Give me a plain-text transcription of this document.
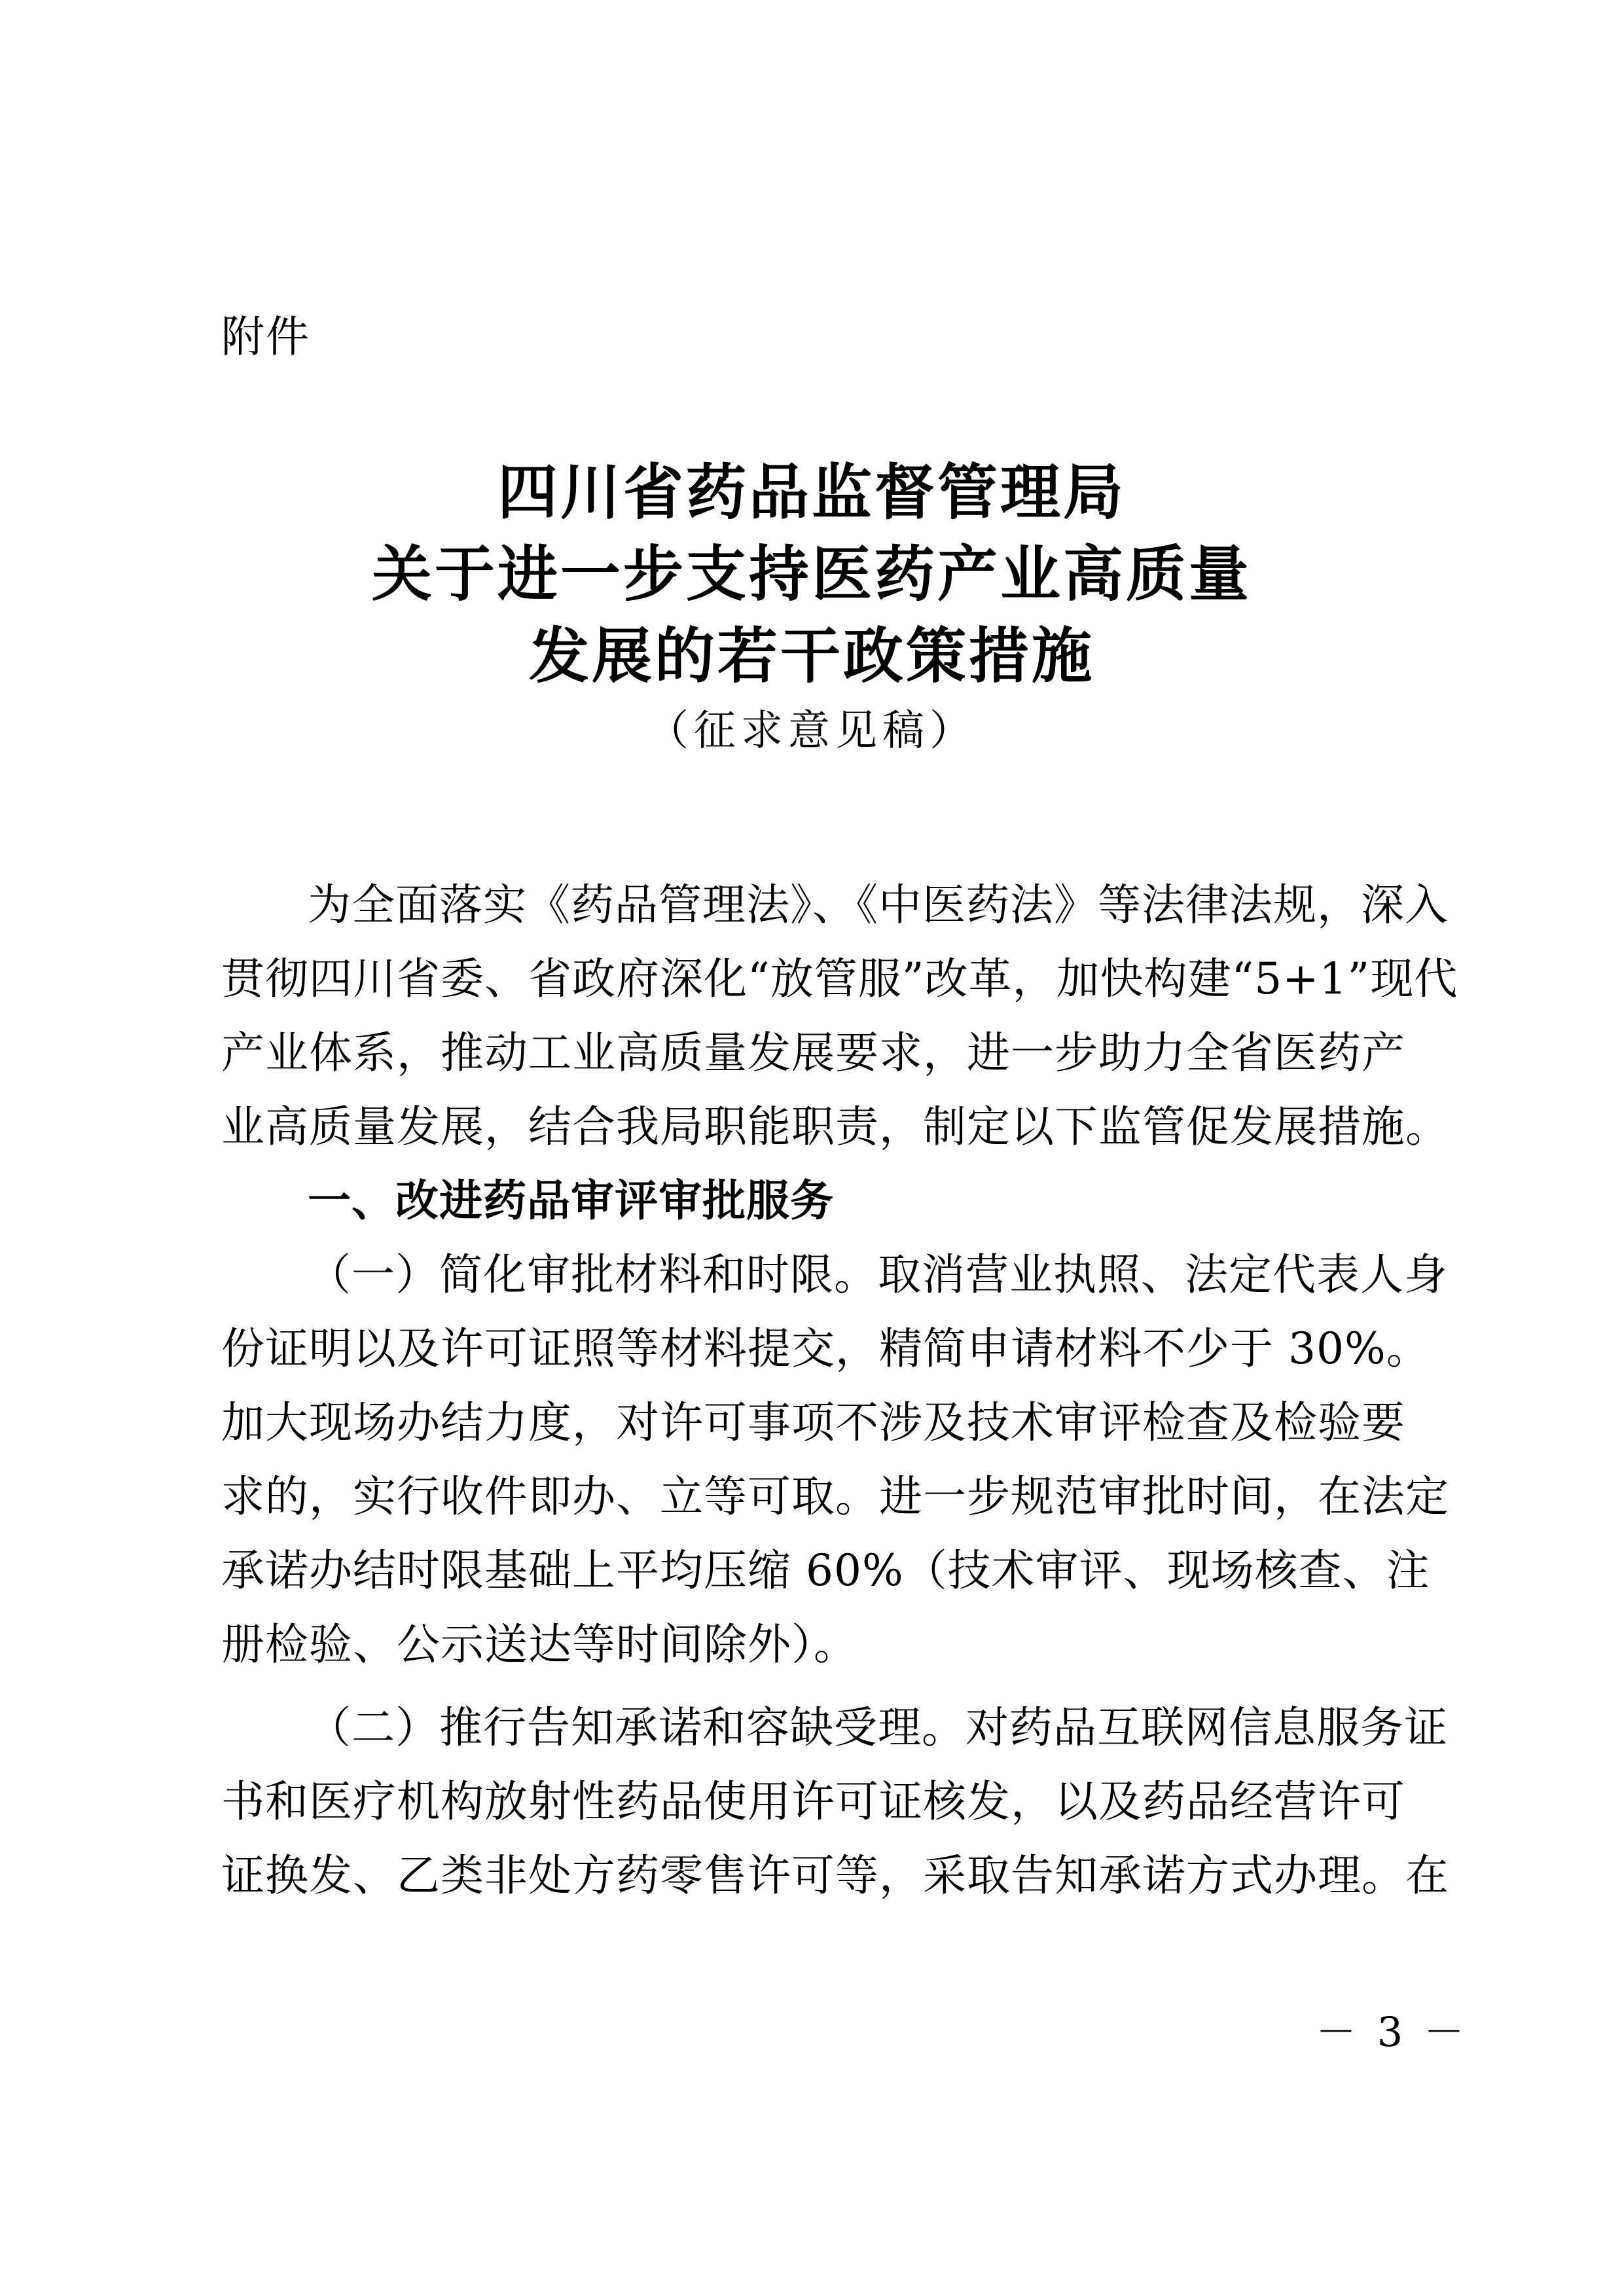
附件
四川省药品监督管理局
关于进一步支持医药产业高质量
发展的若干政策措施
（征求意见稿）
为全面落实《药品管理法》、《中医药法》等法律法规，深入
贯彻四川省委、省政府深化“放管服”改革，加快构建“5+1”现代
产业体系，推动工业高质量发展要求，进一步助力全省医药产
业高质量发展，结合我局职能职责，制定以下监管促发展措施。
一、改进药品审评审批服务
（一）简化审批材料和时限。取消营业执照、法定代表人身
份证明以及许可证照等材料提交，精简申请材料不少于 30%。
加大现场办结力度，对许可事项不涉及技术审评检查及检验要
求的，实行收件即办、立等可取。进一步规范审批时间，在法定
承诺办结时限基础上平均压缩 60%（技术审评、现场核查、注
册检验、公示送达等时间除外）。
（二）推行告知承诺和容缺受理。对药品互联网信息服务证
书和医疗机构放射性药品使用许可证核发，以及药品经营许可
证换发、乙类非处方药零售许可等，采取告知承诺方式办理。在
－ 3 －
